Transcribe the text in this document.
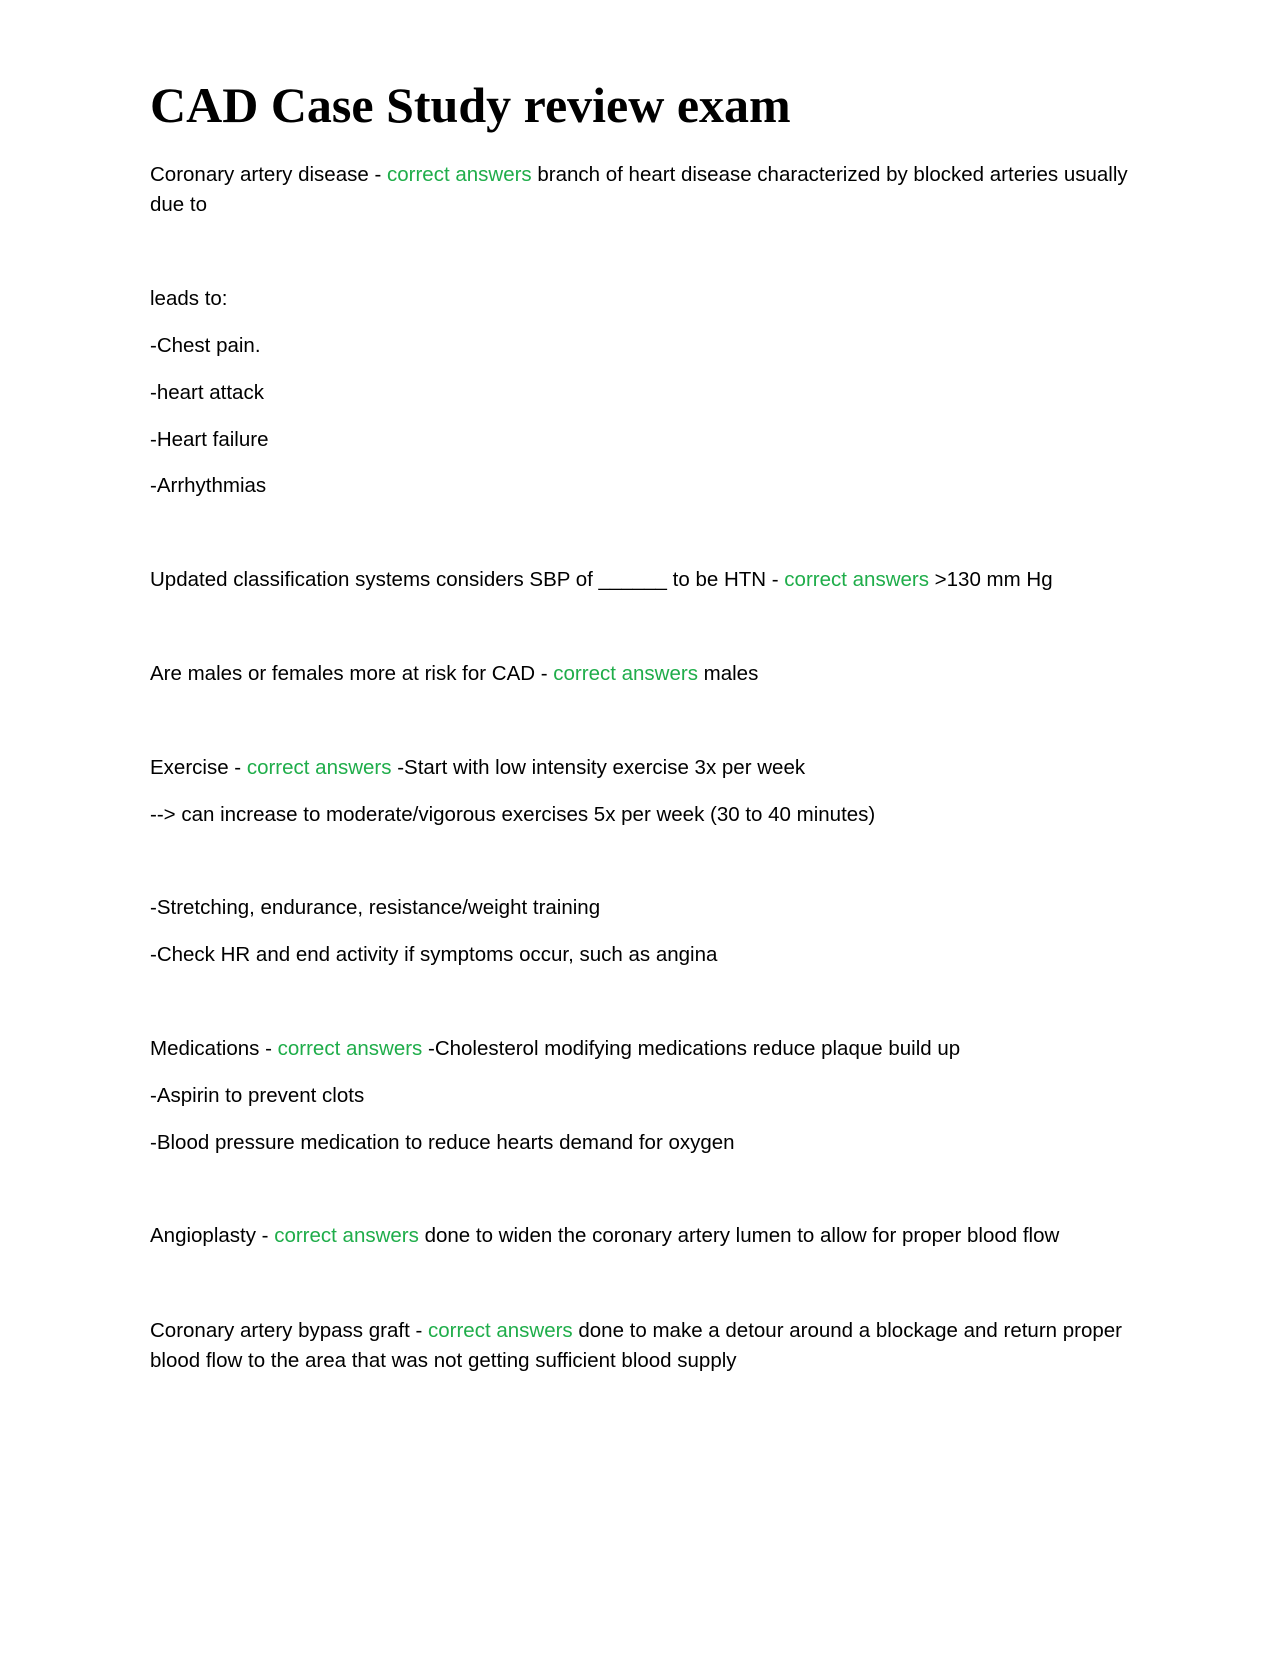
CAD Case Study review exam

Coronary artery disease - correct answers branch of heart disease characterized by blocked arteries usually due to

leads to:

-Chest pain.

-heart attack

-Heart failure

-Arrhythmias

Updated classification systems considers SBP of ______ to be HTN - correct answers >130 mm Hg

Are males or females more at risk for CAD - correct answers males

Exercise - correct answers -Start with low intensity exercise 3x per week

--> can increase to moderate/vigorous exercises 5x per week (30 to 40 minutes)

-Stretching, endurance, resistance/weight training

-Check HR and end activity if symptoms occur, such as angina

Medications - correct answers -Cholesterol modifying medications reduce plaque build up

-Aspirin to prevent clots

-Blood pressure medication to reduce hearts demand for oxygen

Angioplasty - correct answers done to widen the coronary artery lumen to allow for proper blood flow

Coronary artery bypass graft - correct answers done to make a detour around a blockage and return proper blood flow to the area that was not getting sufficient blood supply
